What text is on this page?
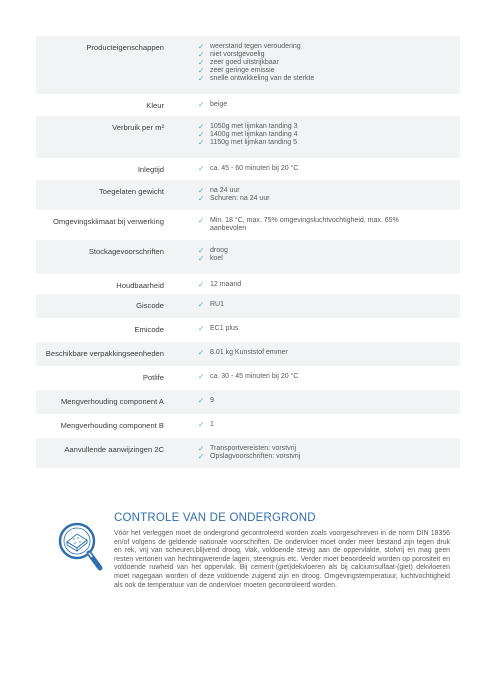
Producteigenschappen	✓ weerstand tegen veroudering
✓ niet vorstgevoelig
✓ zeer goed uitstrijkbaar
✓ zeer geringe emissie
✓ snelle ontwikkeling van de sterkte
Kleur	✓ beige
Verbruik per m²	✓ 1050g met lijmkan tanding 3
✓ 1400g met lijmkan tanding 4
✓ 1150g met lijmkan tanding 5
Inlegtijd	✓ ca. 45 - 60 minuten bij 20 °C
Toegelaten gewicht	✓ na 24 uur
✓ Schuren: na 24 uur
Omgevingsklimaat bij verwerking	✓ Min. 18 °C, max. 75% omgevingsluchtvochtigheid, max. 65% aanbevolen
Stockagevoorschriften	✓ droog
✓ koel
Houdbaarheid	✓ 12 maand
Giscode	✓ RU1
Emicode	✓ EC1 plus
Beschikbare verpakkingseenheden	✓ 8.01 kg Kunststof emmer
Potlife	✓ ca. 30 - 45 minuten bij 20 °C
Mengverhouding component A	✓ 9
Mengverhouding component B	✓ 1
Aanvullende aanwijzingen 2C	✓ Transportvereisten: vorstvrij
✓ Opslagvoorschriften: vorstvrij
CONTROLE VAN DE ONDERGROND
Vóór het verleggen moet de ondergrond gecontroleerd worden zoals voorgeschreven in de norm DIN 18356 en/of volgens de geldende nationale voorschriften. De ondervloer moet onder meer bestand zijn tegen druk en rek, vrij van scheuren,blijvend droog, vlak, voldoende stevig aan de oppervlakte, stofvrij en mag geen resten vertonen van hechtingwerende lagen, steengruis etc. Verder moet beoordeeld worden op porositeit en voldoende ruwheid van het oppervlak. Bij cement-(giet)dekvloeren als bij calciumsulfaat-(giet) dekvloeren moet nagegaan worden of deze voldoende zuigend zijn en droog. Omgevingstemperatuur, luchtvochtigheid als ook de temperatuur van de ondervloer moeten gecontroleerd worden.
